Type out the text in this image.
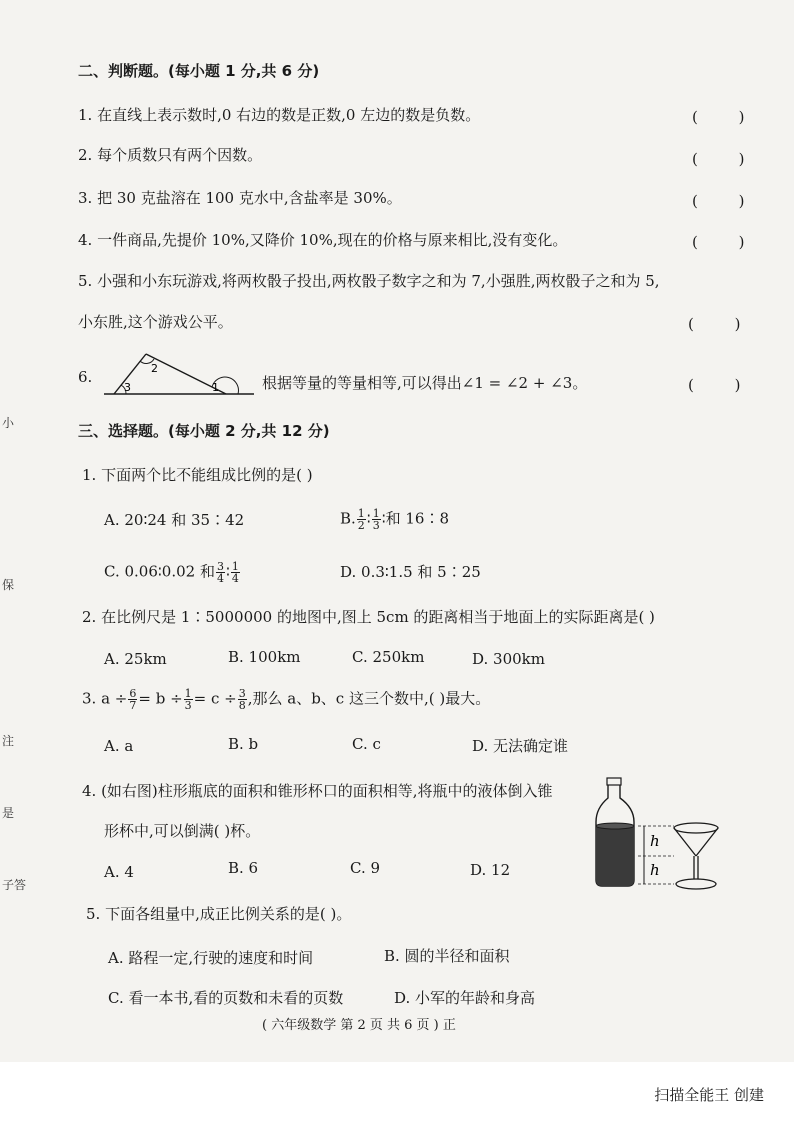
二、判断题。(每小题 1 分,共 6 分)
1. 在直线上表示数时,0 右边的数是正数,0 左边的数是负数。	( )
2. 每个质数只有两个因数。	( )
3. 把 30 克盐溶在 100 克水中,含盐率是 30%。	( )
4. 一件商品,先提价 10%,又降价 10%,现在的价格与原来相比,没有变化。	( )
5. 小强和小东玩游戏,将两枚骰子投出,两枚骰子数字之和为 7,小强胜,两枚骰子之和为 5,
小东胜,这个游戏公平。	( )
6.
3
2
1	根据等量的等量相等,可以得出∠1 = ∠2 + ∠3。	( )
三、选择题。(每小题 2 分,共 12 分)
1. 下面两个比不能组成比例的是( )
A. 20∶24 和 35∶42	B. $\frac{1}{2}$ ∶ $\frac{1}{3}$ ∶和 16∶8
C. 0.06∶0.02 和 $\frac{3}{4}$ ∶ $\frac{1}{4}$	D. 0.3∶1.5 和 5∶25
2. 在比例尺是 1∶5000000 的地图中,图上 5cm 的距离相当于地面上的实际距离是( )
A. 25km	B. 100km	C. 250km	D. 300km
3. $a \div \frac{6}{7} = b \div \frac{1}{3} = c \div \frac{3}{8}$ ,那么 a、b、c 这三个数中,( )最大。
A. a	B. b	C. c	D. 无法确定谁
4. (如右图)柱形瓶底的面积和锥形杯口的面积相等,将瓶中的液体倒入锥
形杯中,可以倒满( )杯。
A. 4	B. 6	C. 9	D. 12
h
h
5. 下面各组量中,成正比例关系的是( )。
A. 路程一定,行驶的速度和时间	B. 圆的半径和面积
C. 看一本书,看的页数和未看的页数	D. 小军的年龄和身高
( 六年级数学 第 2 页 共 6 页 ) 正
小
保
注
是
子答
扫描全能王 创建
